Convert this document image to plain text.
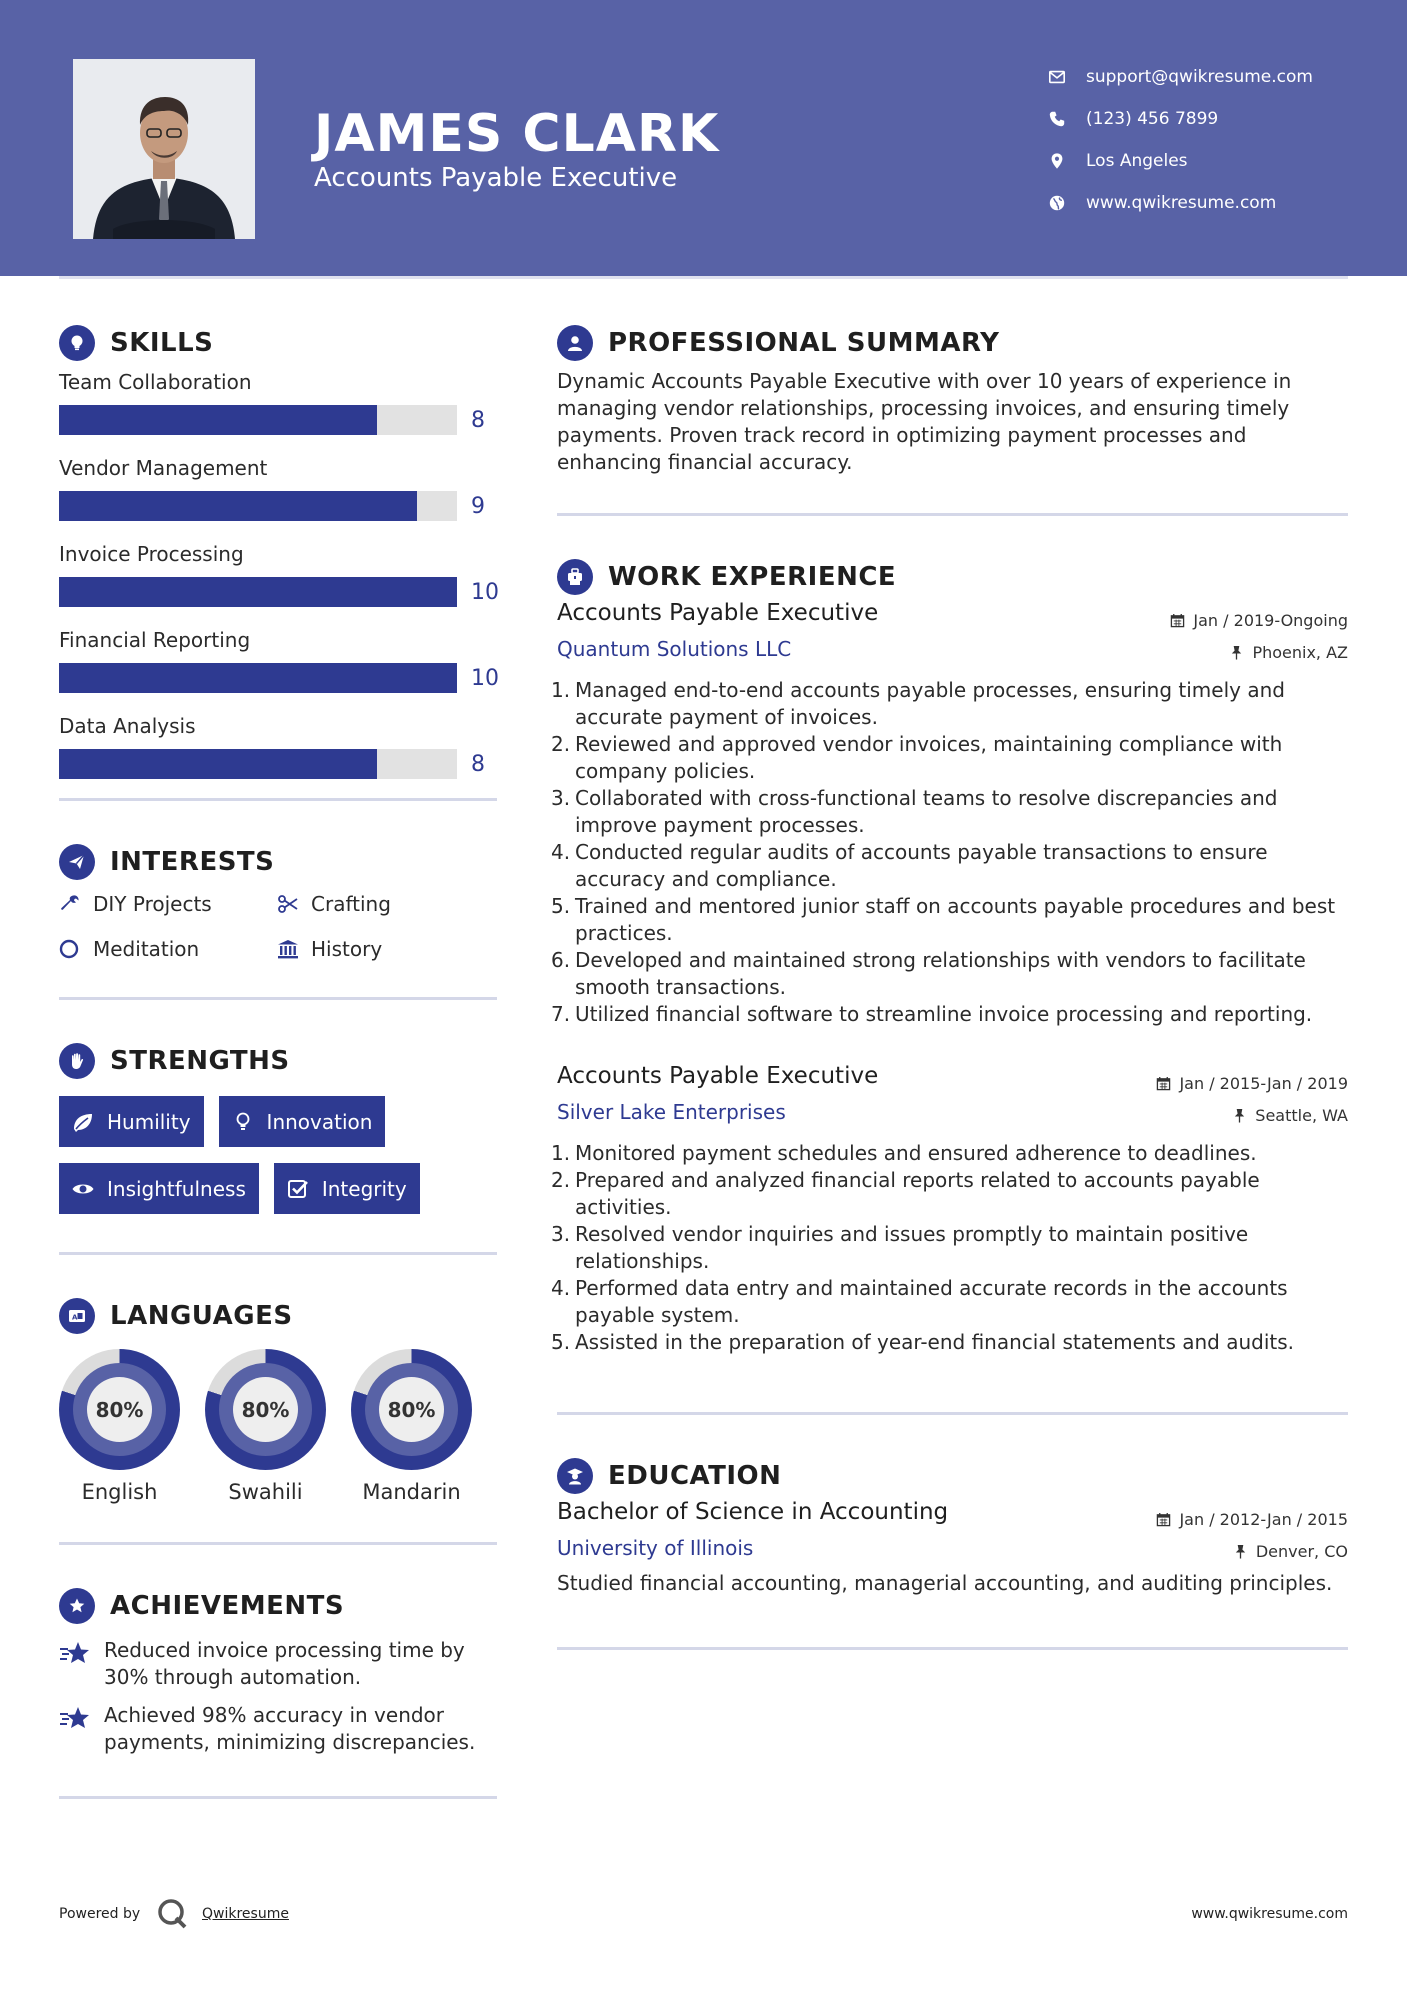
JAMES CLARK
Accounts Payable Executive
support@qwikresume.com
(123) 456 7899
Los Angeles
www.qwikresume.com
SKILLS
Team Collaboration
8
Vendor Management
9
Invoice Processing
10
Financial Reporting
10
Data Analysis
8
INTERESTS
DIY Projects	Crafting
Meditation	History
STRENGTHS
Humility	Innovation
Insightfulness	Integrity
A LANGUAGES
80%
English
80%
Swahili
80%
Mandarin
ACHIEVEMENTS
Reduced invoice processing time by 30% through automation.
Achieved 98% accuracy in vendor payments, minimizing discrepancies.
PROFESSIONAL SUMMARY

Dynamic Accounts Payable Executive with over 10 years of experience in managing vendor relationships, processing invoices, and ensuring timely payments. Proven track record in optimizing payment processes and enhancing financial accuracy.

WORK EXPERIENCE
Accounts Payable Executive
Quantum Solutions LLC
Jan / 2019-Ongoing
Phoenix, AZ
Managed end-to-end accounts payable processes, ensuring timely and accurate payment of invoices.
Reviewed and approved vendor invoices, maintaining compliance with company policies.
Collaborated with cross-functional teams to resolve discrepancies and improve payment processes.
Conducted regular audits of accounts payable transactions to ensure accuracy and compliance.
Trained and mentored junior staff on accounts payable procedures and best practices.
Developed and maintained strong relationships with vendors to facilitate smooth transactions.
Utilized financial software to streamline invoice processing and reporting.
Accounts Payable Executive
Silver Lake Enterprises
Jan / 2015-Jan / 2019
Seattle, WA
Monitored payment schedules and ensured adherence to deadlines.
Prepared and analyzed financial reports related to accounts payable activities.
Resolved vendor inquiries and issues promptly to maintain positive relationships.
Performed data entry and maintained accurate records in the accounts payable system.
Assisted in the preparation of year-end financial statements and audits.
EDUCATION
Bachelor of Science in Accounting
University of Illinois
Jan / 2012-Jan / 2015
Denver, CO

Studied financial accounting, managerial accounting, and auditing principles.

Powered by	Qwikresume	www.qwikresume.com
